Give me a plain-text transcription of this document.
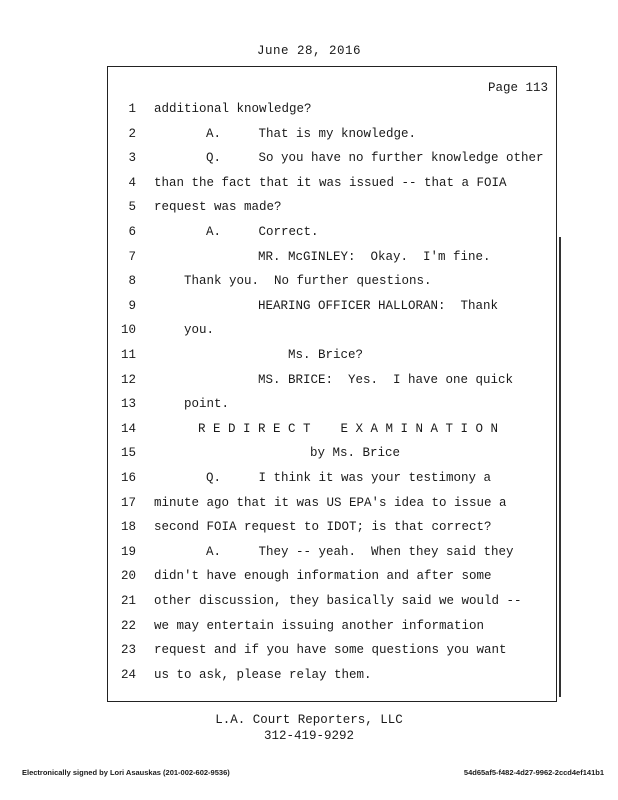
June 28, 2016
Page 113
1 additional knowledge?
2	A.     That is my knowledge.
3	Q.     So you have no further knowledge other
4 than the fact that it was issued -- that a FOIA
5 request was made?
6	A.     Correct.
7	MR. McGINLEY:  Okay.  I'm fine.
8	Thank you.  No further questions.
9	HEARING OFFICER HALLORAN:  Thank
10	you.
11	Ms. Brice?
12	MS. BRICE:  Yes.  I have one quick
13	point.
14	R E D I R E C T    E X A M I N A T I O N
15	by Ms. Brice
16	Q.     I think it was your testimony a
17 minute ago that it was US EPA's idea to issue a
18 second FOIA request to IDOT; is that correct?
19	A.     They -- yeah.  When they said they
20 didn't have enough information and after some
21 other discussion, they basically said we would --
22 we may entertain issuing another information
23 request and if you have some questions you want
24 us to ask, please relay them.
L.A. Court Reporters, LLC
312-419-9292
Electronically signed by Lori Asauskas (201-002-602-9536)	54d65af5-f482-4d27-9962-2ccd4ef141b1
